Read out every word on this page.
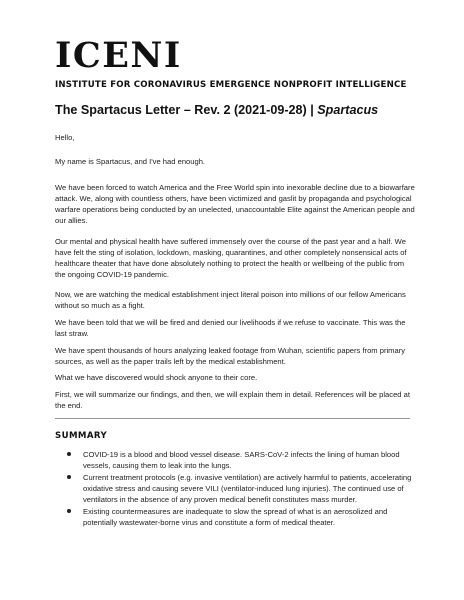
ICENI
INSTITUTE FOR CORONAVIRUS EMERGENCE NONPROFIT INTELLIGENCE
The Spartacus Letter – Rev. 2 (2021-09-28) | Spartacus

Hello,

My name is Spartacus, and I've had enough.

We have been forced to watch America and the Free World spin into inexorable decline due to a biowarfare attack. We, along with countless others, have been victimized and gaslit by propaganda and psychological warfare operations being conducted by an unelected, unaccountable Elite against the American people and our allies.

Our mental and physical health have suffered immensely over the course of the past year and a half. We have felt the sting of isolation, lockdown, masking, quarantines, and other completely nonsensical acts of healthcare theater that have done absolutely nothing to protect the health or wellbeing of the public from the ongoing COVID-19 pandemic.

Now, we are watching the medical establishment inject literal poison into millions of our fellow Americans without so much as a fight.

We have been told that we will be fired and denied our livelihoods if we refuse to vaccinate. This was the last straw.

We have spent thousands of hours analyzing leaked footage from Wuhan, scientific papers from primary sources, as well as the paper trails left by the medical establishment.

What we have discovered would shock anyone to their core.

First, we will summarize our findings, and then, we will explain them in detail. References will be placed at the end.

SUMMARY
COVID-19 is a blood and blood vessel disease. SARS-CoV-2 infects the lining of human blood vessels, causing them to leak into the lungs.
Current treatment protocols (e.g. invasive ventilation) are actively harmful to patients, accelerating oxidative stress and causing severe VILI (ventilator-induced lung injuries). The continued use of ventilators in the absence of any proven medical benefit constitutes mass murder.
Existing countermeasures are inadequate to slow the spread of what is an aerosolized and potentially wastewater-borne virus and constitute a form of medical theater.
